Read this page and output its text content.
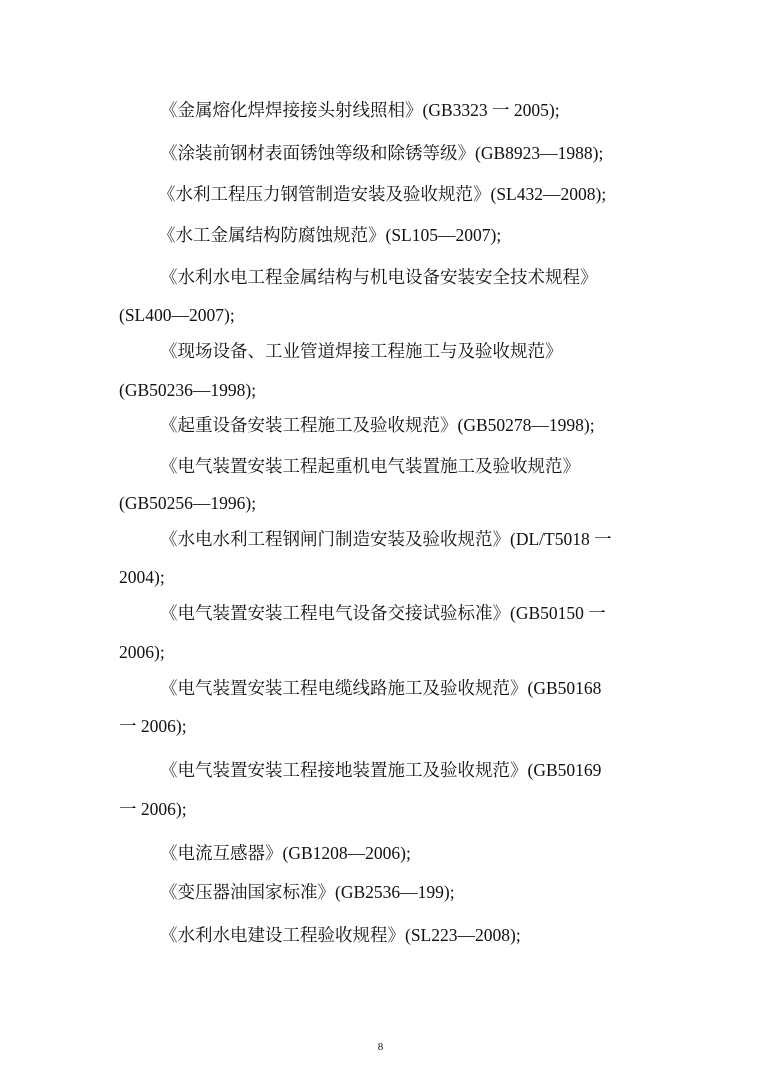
《金属熔化焊焊接接头射线照相》(GB3323 一 2005);
《涂装前钢材表面锈蚀等级和除锈等级》(GB8923—1988);
《水利工程压力钢管制造安装及验收规范》(SL432—2008);
《水工金属结构防腐蚀规范》(SL105—2007);
《水利水电工程金属结构与机电设备安装安全技术规程》
(SL400—2007);
《现场设备、工业管道焊接工程施工与及验收规范》
(GB50236—1998);
《起重设备安装工程施工及验收规范》(GB50278—1998);
《电气装置安装工程起重机电气装置施工及验收规范》
(GB50256—1996);
《水电水利工程钢闸门制造安装及验收规范》(DL/T5018 一
2004);
《电气装置安装工程电气设备交接试验标准》(GB50150 一
2006);
《电气装置安装工程电缆线路施工及验收规范》(GB50168
一 2006);
《电气装置安装工程接地装置施工及验收规范》(GB50169
一 2006);
《电流互感器》(GB1208—2006);
《变压器油国家标准》(GB2536—199);
《水利水电建设工程验收规程》(SL223—2008);
8
